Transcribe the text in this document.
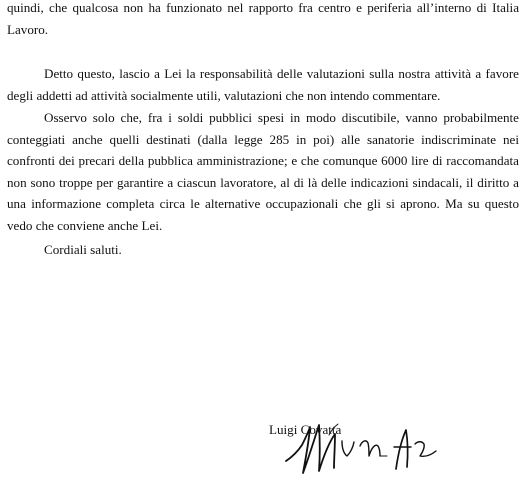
quindi, che qualcosa non ha funzionato nel rapporto fra centro e periferia all’interno di Italia Lavoro.

Detto questo, lascio a Lei la responsabilità delle valutazioni sulla nostra attività a favore degli addetti ad attività socialmente utili, valutazioni che non intendo commentare.

Osservo solo che, fra i soldi pubblici spesi in modo discutibile, vanno probabilmente conteggiati anche quelli destinati (dalla legge 285 in poi) alle sanatorie indiscriminate nei confronti dei precari della pubblica amministrazione; e che comunque 6000 lire di raccomandata non sono troppe per garantire a ciascun lavoratore, al di là delle indicazioni sindacali, il diritto a una informazione completa circa le alternative occupazionali che gli si aprono. Ma su questo vedo che conviene anche Lei.

Cordiali saluti.

Luigi Covatta
